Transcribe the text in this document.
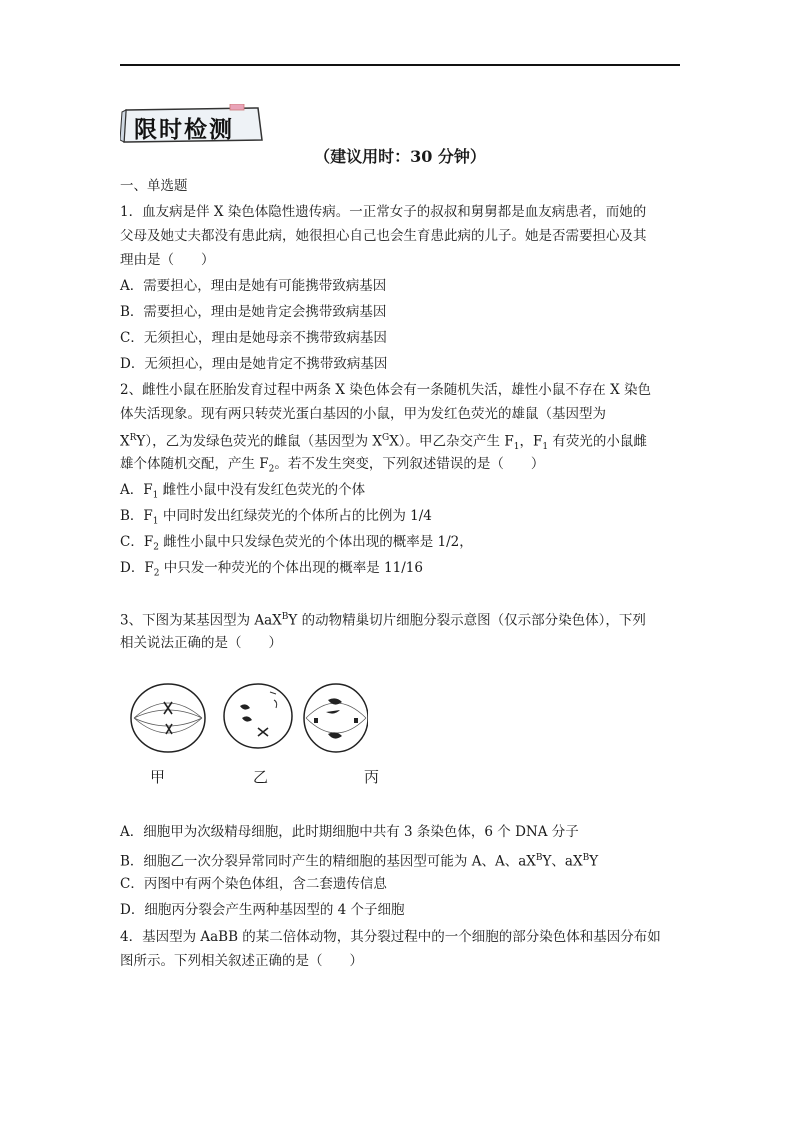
限时检测
（建议用时：30 分钟）
一、单选题
1．血友病是伴 X 染色体隐性遗传病。一正常女子的叔叔和舅舅都是血友病患者，而她的
父母及她丈夫都没有患此病，她很担心自己也会生育患此病的儿子。她是否需要担心及其
理由是（　　）
A．需要担心，理由是她有可能携带致病基因
B．需要担心，理由是她肯定会携带致病基因
C．无须担心，理由是她母亲不携带致病基因
D．无须担心，理由是她肯定不携带致病基因
2、雌性小鼠在胚胎发育过程中两条 X 染色体会有一条随机失活，雄性小鼠不存在 X 染色
体失活现象。现有两只转荧光蛋白基因的小鼠，甲为发红色荧光的雄鼠（基因型为
$X^RY$），乙为发绿色荧光的雌鼠（基因型为 $X^GX$）。甲乙杂交产生 $F_1$，$F_1$ 有荧光的小鼠雌
雄个体随机交配，产生 $F_2$。若不发生突变，下列叙述错误的是（　　）
A．$F_1$ 雌性小鼠中没有发红色荧光的个体
B．$F_1$ 中同时发出红绿荧光的个体所占的比例为 1/4
C．$F_2$ 雌性小鼠中只发绿色荧光的个体出现的概率是 1/2，
D．$F_2$ 中只发一种荧光的个体出现的概率是 11/16
3、下图为某基因型为 AaX$^B$Y 的动物精巢切片细胞分裂示意图（仅示部分染色体），下列
相关说法正确的是（　　）
甲	乙	丙
A．细胞甲为次级精母细胞，此时期细胞中共有 3 条染色体，6 个 DNA 分子
B．细胞乙一次分裂异常同时产生的精细胞的基因型可能为 A、A、$aX^BY$、$aX^BY$
C．丙图中有两个染色体组，含二套遗传信息
D．细胞丙分裂会产生两种基因型的 4 个子细胞
4．基因型为 AaBB 的某二倍体动物，其分裂过程中的一个细胞的部分染色体和基因分布如
图所示。下列相关叙述正确的是（　　）
